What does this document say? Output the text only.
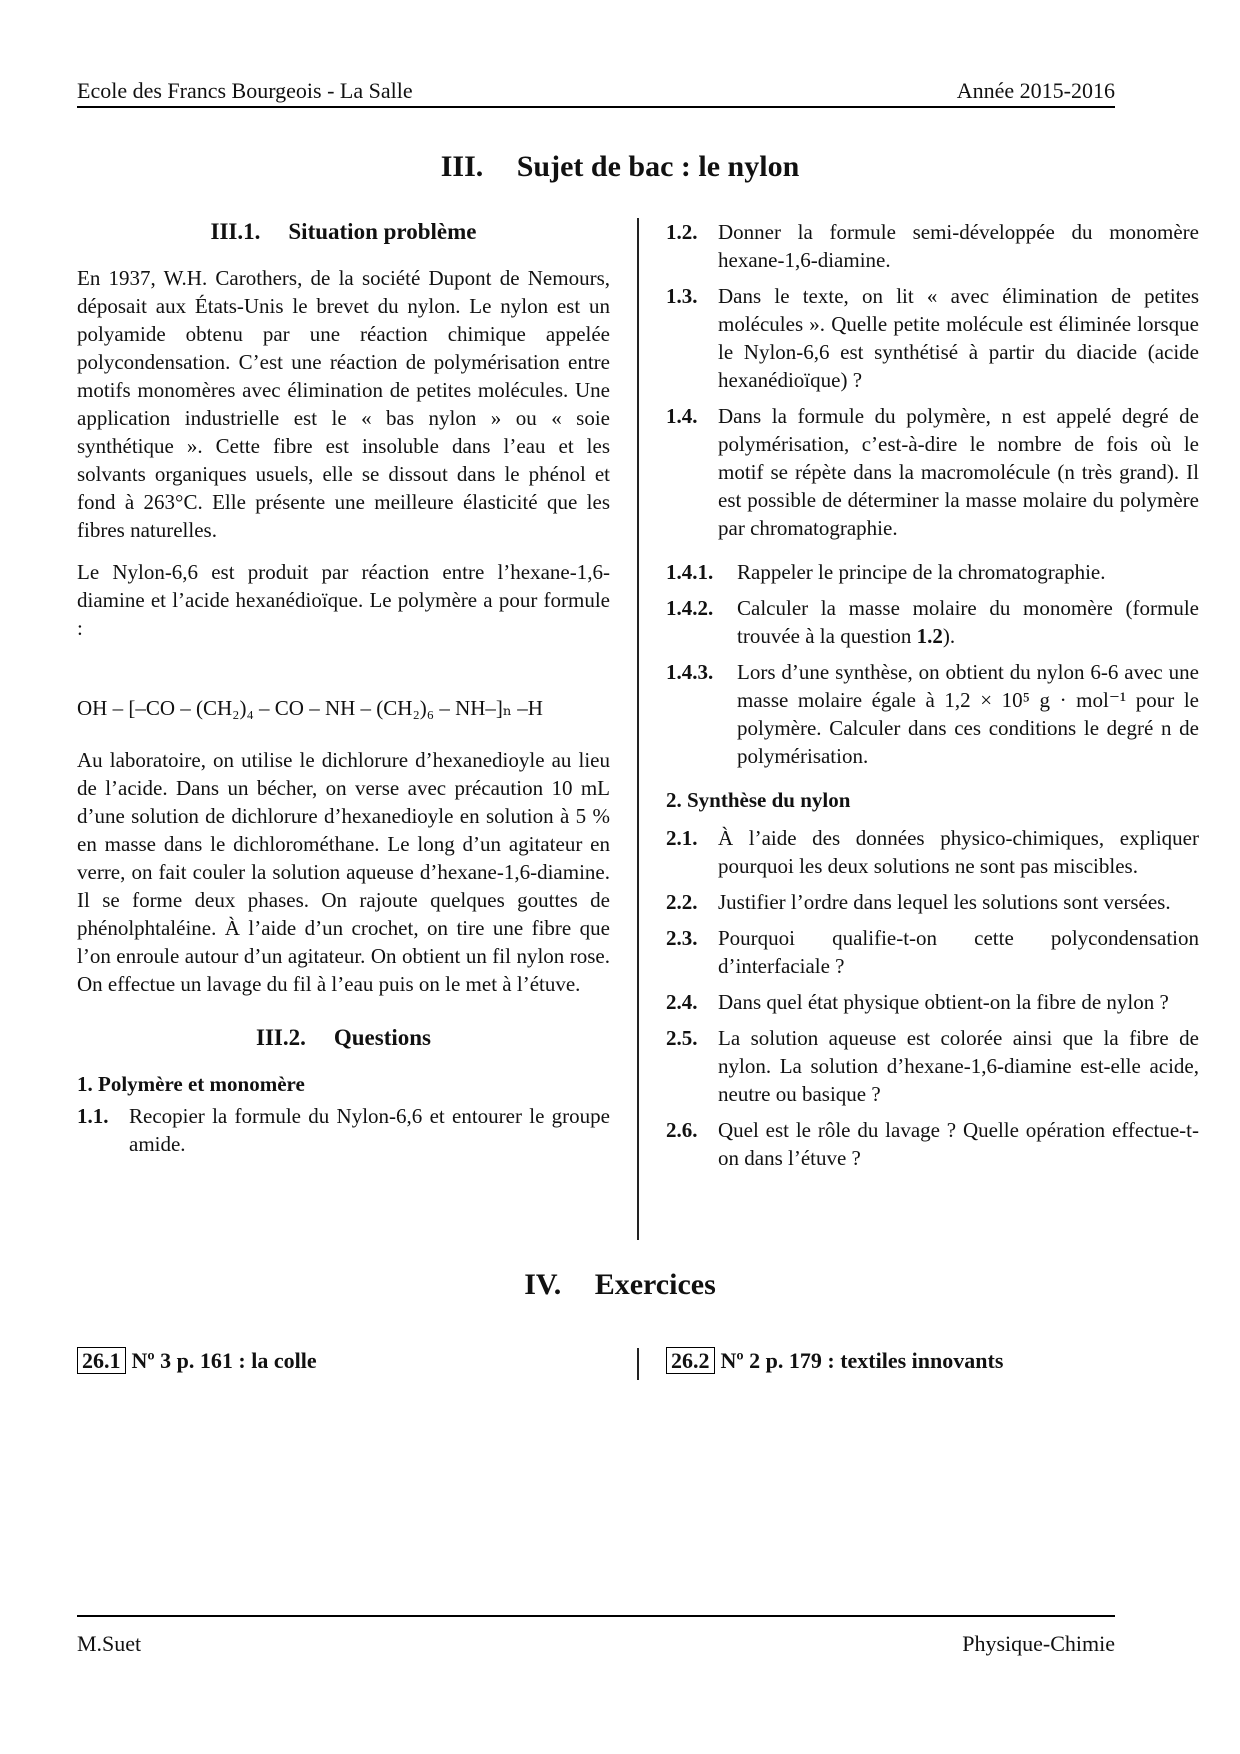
Ecole des Francs Bourgeois - La Salle	Année 2015-2016
III. Sujet de bac : le nylon
III.1. Situation problème

En 1937, W.H. Carothers, de la société Dupont de Nemours, déposait aux États-Unis le brevet du nylon. Le nylon est un polyamide obtenu par une réaction chimique appelée polycondensation. C’est une réaction de polymérisation entre motifs monomères avec élimination de petites molécules. Une application industrielle est le « bas nylon » ou « soie synthétique ». Cette fibre est insoluble dans l’eau et les solvants organiques usuels, elle se dissout dans le phénol et fond à 263°C. Elle présente une meilleure élasticité que les fibres naturelles.

Le Nylon-6,6 est produit par réaction entre l’hexane-1,6-diamine et l’acide hexanédioïque. Le polymère a pour formule :

OH – [–CO – (CH₂)₄ – CO – NH – (CH₂)₆ – NH–]ₙ –H

Au laboratoire, on utilise le dichlorure d’hexanedioyle au lieu de l’acide. Dans un bécher, on verse avec précaution 10 mL d’une solution de dichlorure d’hexanedioyle en solution à 5 % en masse dans le dichlorométhane. Le long d’un agitateur en verre, on fait couler la solution aqueuse d’hexane-1,6-diamine. Il se forme deux phases. On rajoute quelques gouttes de phénolphtaléine. À l’aide d’un crochet, on tire une fibre que l’on enroule autour d’un agitateur. On obtient un fil nylon rose. On effectue un lavage du fil à l’eau puis on le met à l’étuve.

III.2. Questions
1. Polymère et monomère
1.1. Recopier la formule du Nylon-6,6 et entourer le groupe amide.
1.2. Donner la formule semi-développée du monomère hexane-1,6-diamine.
1.3. Dans le texte, on lit « avec élimination de petites molécules ». Quelle petite molécule est éliminée lorsque le Nylon-6,6 est synthétisé à partir du diacide (acide hexanédioïque) ?
1.4. Dans la formule du polymère, n est appelé degré de polymérisation, c’est-à-dire le nombre de fois où le motif se répète dans la macromolécule (n très grand). Il est possible de déterminer la masse molaire du polymère par chromatographie.
1.4.1. Rappeler le principe de la chromatographie.
1.4.2. Calculer la masse molaire du monomère (formule trouvée à la question 1.2).
1.4.3. Lors d’une synthèse, on obtient du nylon 6-6 avec une masse molaire égale à 1,2 × 10⁵ g · mol⁻¹ pour le polymère. Calculer dans ces conditions le degré n de polymérisation.
2. Synthèse du nylon
2.1. À l’aide des données physico-chimiques, expliquer pourquoi les deux solutions ne sont pas miscibles.
2.2. Justifier l’ordre dans lequel les solutions sont versées.
2.3. Pourquoi qualifie-t-on cette polycondensation d’interfaciale ?
2.4. Dans quel état physique obtient-on la fibre de nylon ?
2.5. La solution aqueuse est colorée ainsi que la fibre de nylon. La solution d’hexane-1,6-diamine est-elle acide, neutre ou basique ?
2.6. Quel est le rôle du lavage ? Quelle opération effectue-t-on dans l’étuve ?
IV. Exercices
26.1 Nº 3 p. 161 : la colle	26.2 Nº 2 p. 179 : textiles innovants
M.Suet	Physique-Chimie
